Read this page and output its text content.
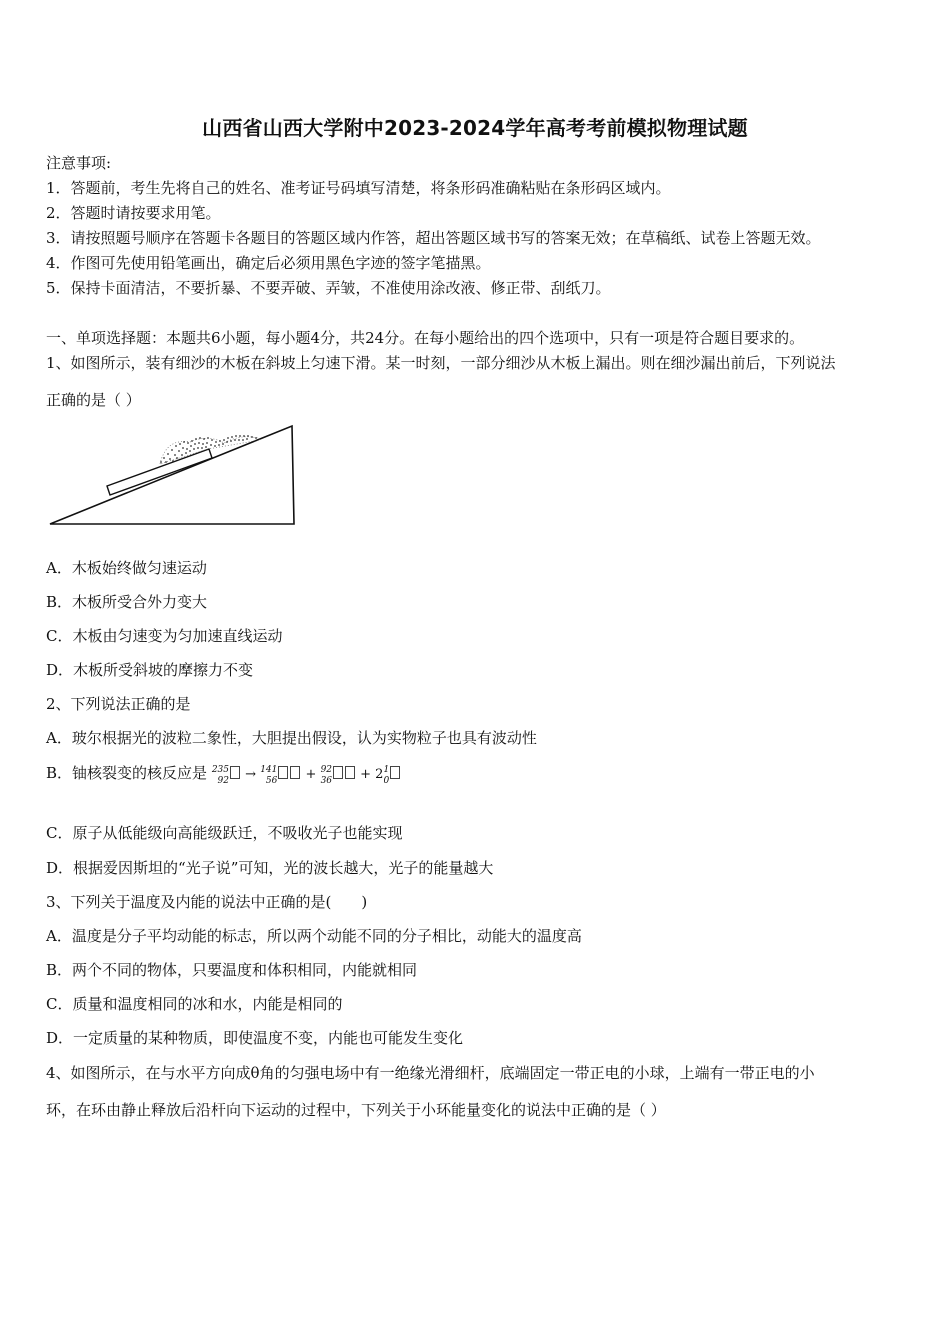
山西省山西大学附中2023-2024学年高考考前模拟物理试题
注意事项:
1．答题前，考生先将自己的姓名、准考证号码填写清楚，将条形码准确粘贴在条形码区域内。
2．答题时请按要求用笔。
3．请按照题号顺序在答题卡各题目的答题区域内作答，超出答题区域书写的答案无效；在草稿纸、试卷上答题无效。
4．作图可先使用铅笔画出，确定后必须用黑色字迹的签字笔描黑。
5．保持卡面清洁，不要折暴、不要弄破、弄皱，不准使用涂改液、修正带、刮纸刀。
一、单项选择题：本题共6小题，每小题4分，共24分。在每小题给出的四个选项中，只有一项是符合题目要求的。
1、如图所示，装有细沙的木板在斜坡上匀速下滑。某一时刻，一部分细沙从木板上漏出。则在细沙漏出前后，下列说法
正确的是（ ）
A．木板始终做匀速运动
B．木板所受合外力变大
C．木板由匀速变为匀加速直线运动
D．木板所受斜坡的摩擦力不变
2、下列说法正确的是
A．玻尔根据光的波粒二象性，大胆提出假设，认为实物粒子也具有波动性
B．铀核裂变的核反应是 235
92 → 141
56 + 92
36 + 21
0
C．原子从低能级向高能级跃迁，不吸收光子也能实现
D．根据爱因斯坦的“光子说”可知，光的波长越大，光子的能量越大
3、下列关于温度及内能的说法中正确的是(　　)
A．温度是分子平均动能的标志，所以两个动能不同的分子相比，动能大的温度高
B．两个不同的物体，只要温度和体积相同，内能就相同
C．质量和温度相同的冰和水，内能是相同的
D．一定质量的某种物质，即使温度不变，内能也可能发生变化
4、如图所示，在与水平方向成θ角的匀强电场中有一绝缘光滑细杆，底端固定一带正电的小球，上端有一带正电的小
环，在环由静止释放后沿杆向下运动的过程中，下列关于小环能量变化的说法中正确的是（ ）
